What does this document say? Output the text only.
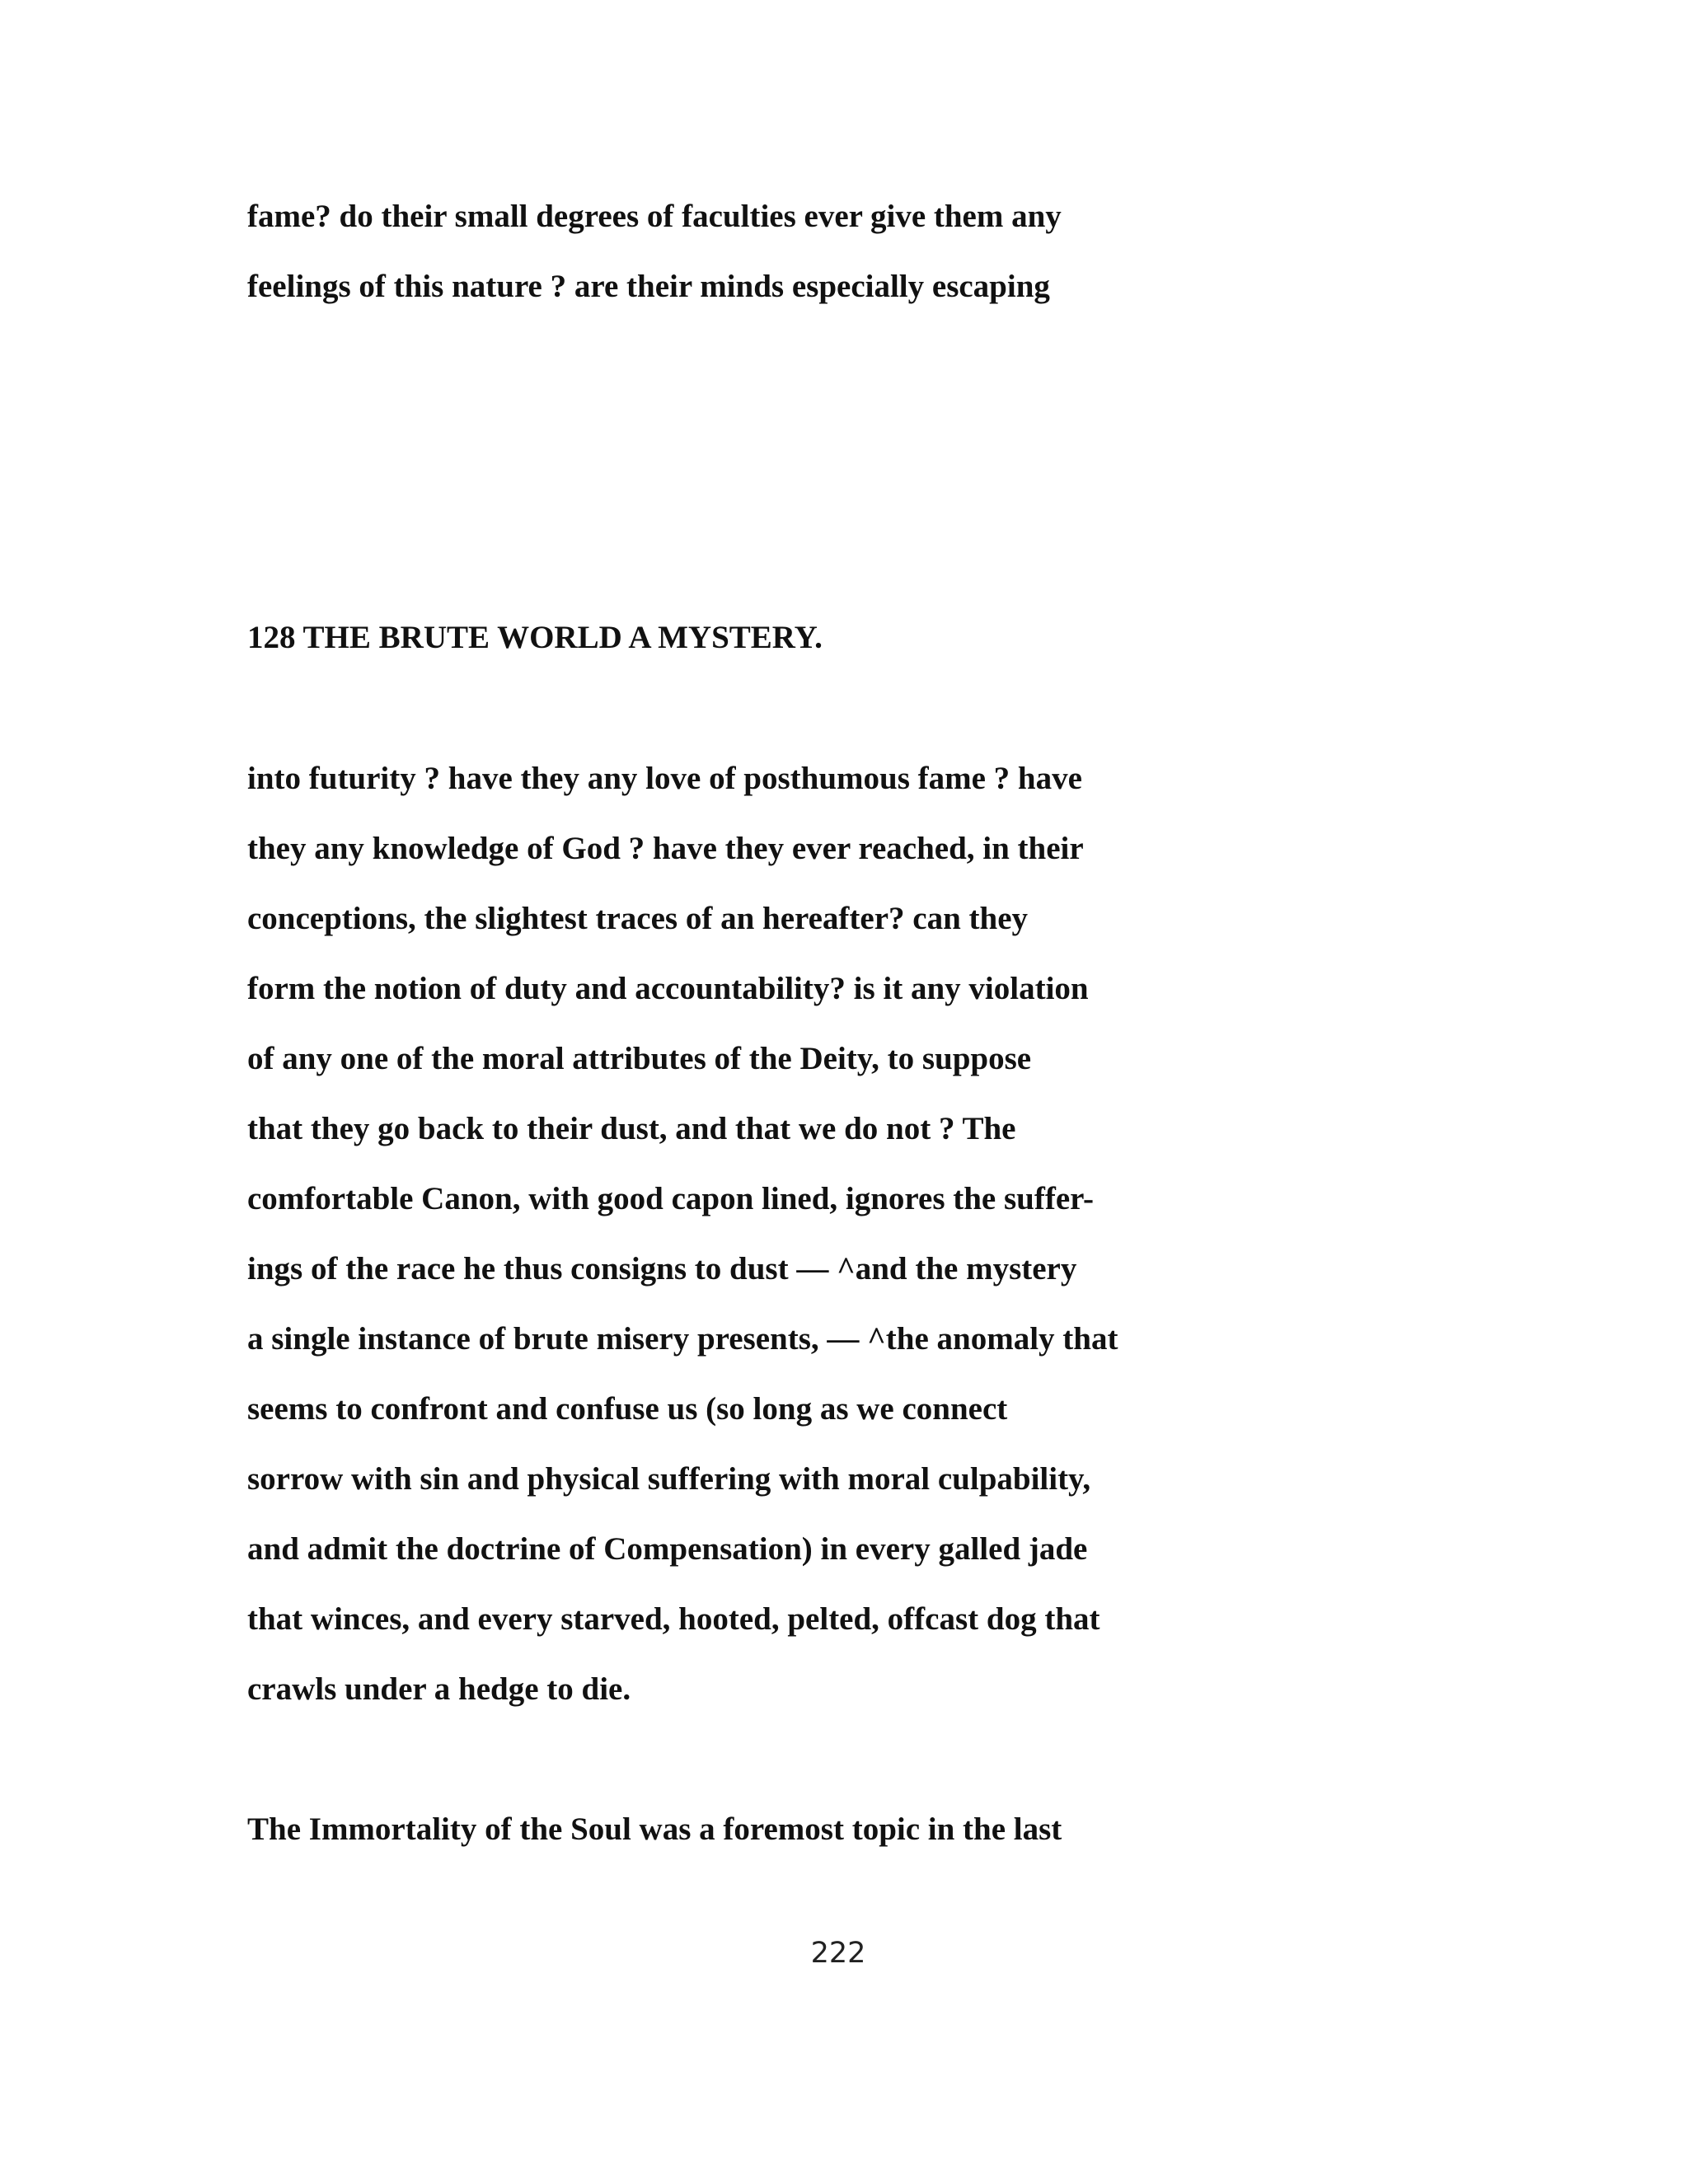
fame? do their small degrees of faculties ever give them any

feelings of this nature ? are their minds especially escaping

128 THE BRUTE WORLD A MYSTERY.

into futurity ? have they any love of posthumous fame ? have

they any knowledge of God ? have they ever reached, in their

conceptions, the slightest traces of an hereafter? can they

form the notion of duty and accountability? is it any violation

of any one of the moral attributes of the Deity, to suppose

that they go back to their dust, and that we do not ? The

comfortable Canon, with good capon lined, ignores the suffer-

ings of the race he thus consigns to dust — ^and the mystery

a single instance of brute misery presents, — ^the anomaly that

seems to confront and confuse us (so long as we connect

sorrow with sin and physical suffering with moral culpability,

and admit the doctrine of Compensation) in every galled jade

that winces, and every starved, hooted, pelted, offcast dog that

crawls under a hedge to die.

The Immortality of the Soul was a foremost topic in the last

222
